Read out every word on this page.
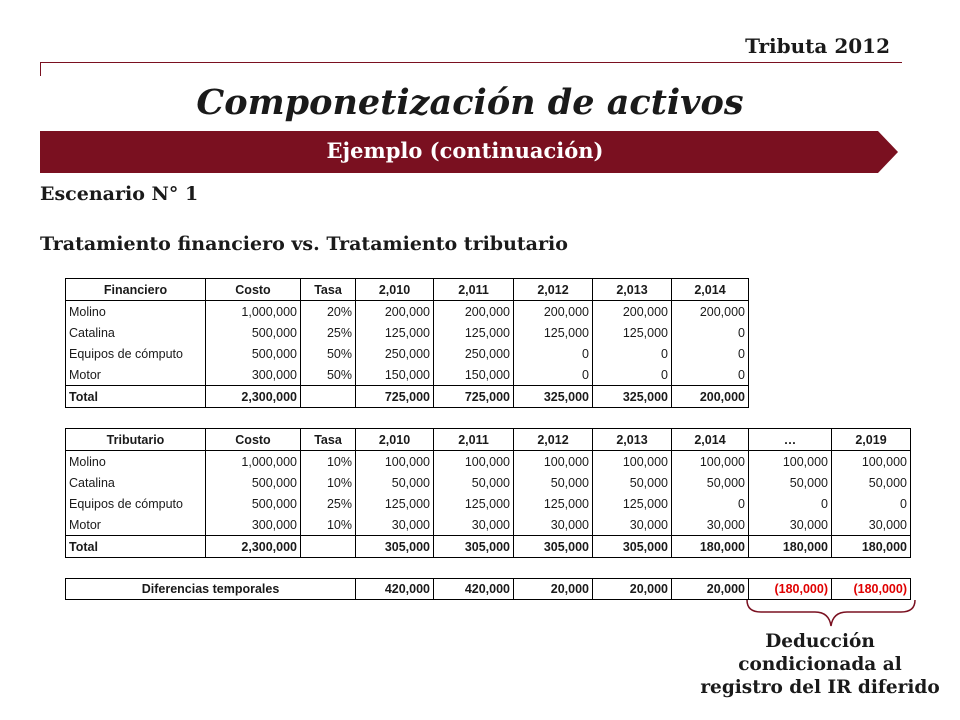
Tributa 2012
Componetización de activos
Ejemplo (continuación)
Escenario N° 1
Tratamiento financiero vs. Tratamiento tributario
Financiero	Costo	Tasa	2,010	2,011	2,012	2,013	2,014
Molino	1,000,000	20%	200,000	200,000	200,000	200,000	200,000
Catalina	500,000	25%	125,000	125,000	125,000	125,000	0
Equipos de cómputo	500,000	50%	250,000	250,000	0	0	0
Motor	300,000	50%	150,000	150,000	0	0	0
Total	2,300,000		725,000	725,000	325,000	325,000	200,000
Tributario	Costo	Tasa	2,010	2,011	2,012	2,013	2,014	…	2,019
Molino	1,000,000	10%	100,000	100,000	100,000	100,000	100,000	100,000	100,000
Catalina	500,000	10%	50,000	50,000	50,000	50,000	50,000	50,000	50,000
Equipos de cómputo	500,000	25%	125,000	125,000	125,000	125,000	0	0	0
Motor	300,000	10%	30,000	30,000	30,000	30,000	30,000	30,000	30,000
Total	2,300,000		305,000	305,000	305,000	305,000	180,000	180,000	180,000
Diferencias temporales	420,000	420,000	20,000	20,000	20,000	(180,000)	(180,000)
Deducción
condicionada al
registro del IR diferido
